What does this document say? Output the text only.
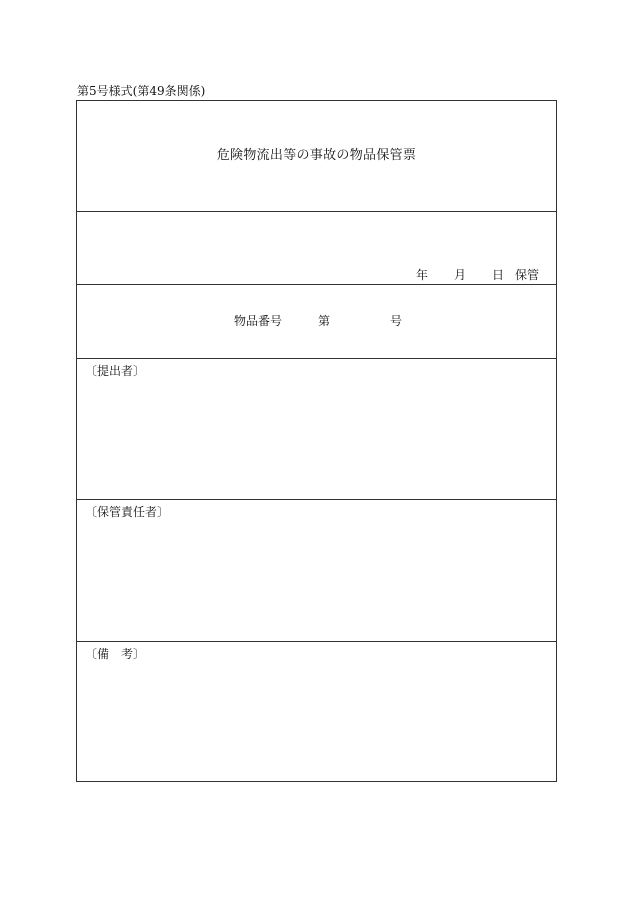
第5号様式(第49条関係)
危険物流出等の事故の物品保管票
年 月 日 保管
物品番号	第	号
〔提出者〕
〔保管責任者〕
〔備　考〕
